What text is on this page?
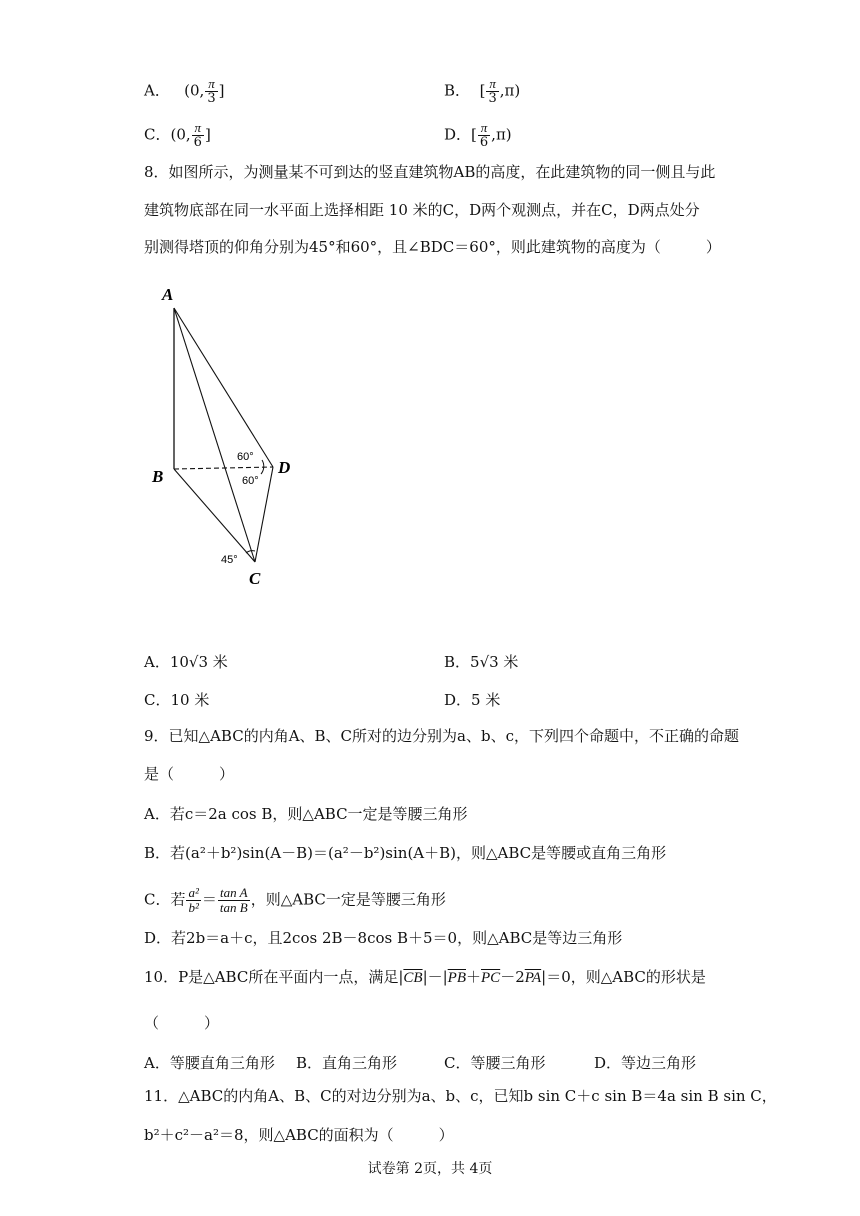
A． (0, $\frac{\pi}{3}$ ]	B． [ $\frac{\pi}{3} ,\pi$)
C．(0, $\frac{\pi}{6}$ ]	D．[ $\frac{\pi}{6} ,\pi$)
8．如图所示，为测量某不可到达的竖直建筑物AB的高度，在此建筑物的同一侧且与此
建筑物底部在同一水平面上选择相距 10 米的C，D两个观测点，并在C，D两点处分
别测得塔顶的仰角分别为45°和60°，且∠BDC＝60°，则此建筑物的高度为（　　　）
A
B
C
D
60°
60°
45°
A．10√3 米	B．5√3 米
C．10 米	D．5 米
9．已知△ABC的内角A、B、C所对的边分别为a、b、c，下列四个命题中，不正确的命题
是（　　　）
A．若c＝2a cos B，则△ABC一定是等腰三角形
B．若(a²＋b²)sin(A－B)＝(a²－b²)sin(A＋B)，则△ABC是等腰或直角三角形
C．若 $\frac{\text{a²}}{\text{b²}} = \frac{\text{tan A}}{\text{tan B}}$ ，则△ABC一定是等腰三角形
D．若2b＝a＋c，且2cos 2B－8cos B＋5＝0，则△ABC是等边三角形
10．P是△ABC所在平面内一点，满足$|\overline{CB}|-|\overline{PB}+\overline{PC}-2\overline{PA}|=0$，则△ABC的形状是
（　　　）
A．等腰直角三角形 B．直角三角形	C．等腰三角形	D．等边三角形
11．△ABC的内角A、B、C的对边分别为a、b、c，已知b sin C＋c sin B＝4a sin B sin C，
b²＋c²－a²＝8，则△ABC的面积为（　　　）
试卷第 2页，共 4页
